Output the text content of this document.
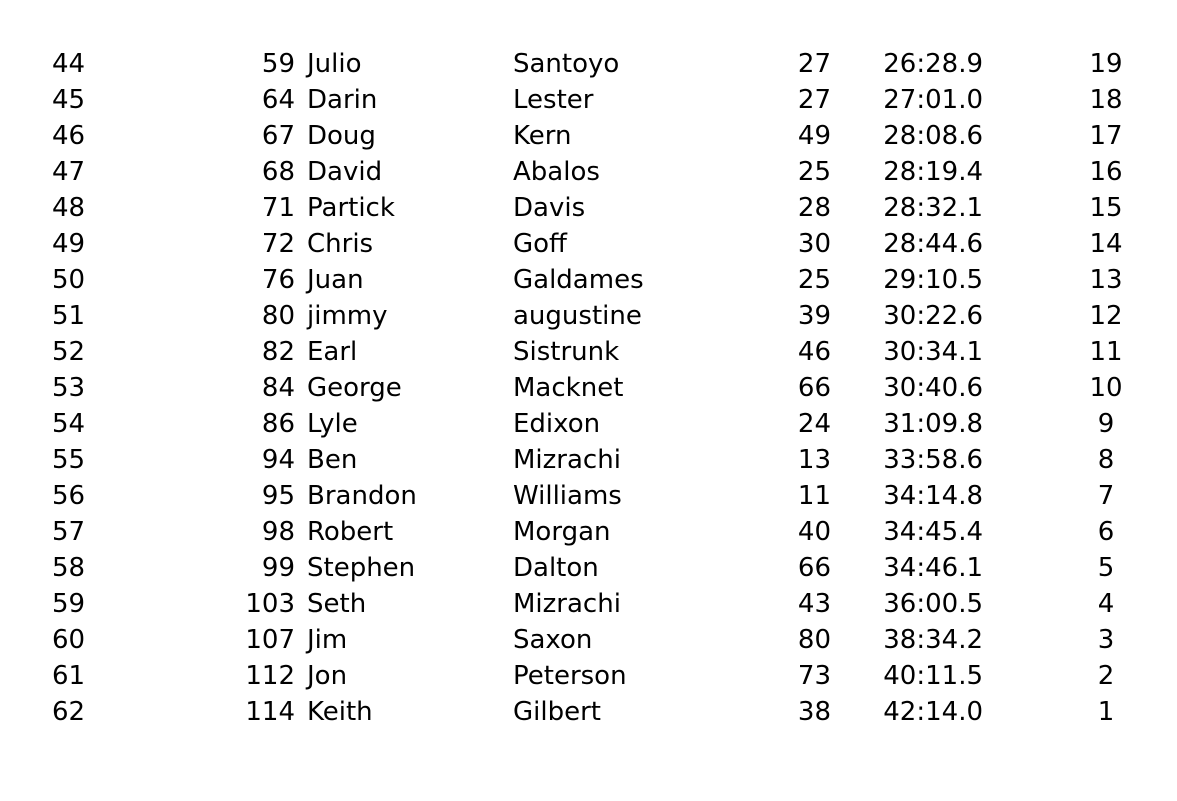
44	59 Julio	Santoyo	27 26:28.9	19
45	64 Darin	Lester	27 27:01.0	18
46	67 Doug	Kern	49 28:08.6	17
47	68 David	Abalos	25 28:19.4	16
48	71 Partick	Davis	28 28:32.1	15
49	72 Chris	Goff	30 28:44.6	14
50	76 Juan	Galdames	25 29:10.5	13
51	80 jimmy	augustine	39 30:22.6	12
52	82 Earl	Sistrunk	46 30:34.1	11
53	84 George	Macknet	66 30:40.6	10
54	86 Lyle	Edixon	24 31:09.8	9
55	94 Ben	Mizrachi	13 33:58.6	8
56	95 Brandon	Williams	11 34:14.8	7
57	98 Robert	Morgan	40 34:45.4	6
58	99 Stephen	Dalton	66 34:46.1	5
59	103 Seth	Mizrachi	43 36:00.5	4
60	107 Jim	Saxon	80 38:34.2	3
61	112 Jon	Peterson	73 40:11.5	2
62	114 Keith	Gilbert	38 42:14.0	1
